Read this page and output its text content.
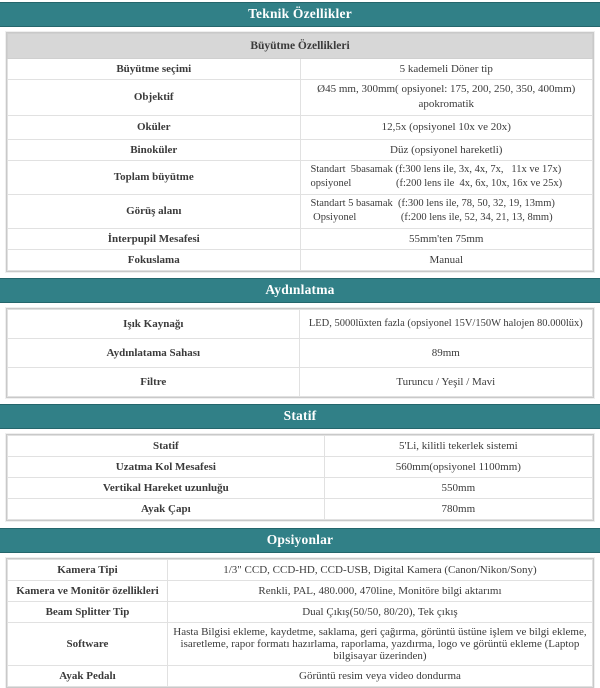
Teknik Özellikler
Büyütme Özellikleri	
Büyütme seçimi	5 kademeli Döner tip
Objektif	Ø45 mm, 300mm( opsiyonel: 175, 200, 250, 350, 400mm)
apokromatik

Oküler	12,5x (opsiyonel 10x ve 20x)
Binoküler	Düz (opsiyonel hareketli)
Toplam büyütme	Standart  5basamak (f:300 lens ile, 3x, 4x, 7x,   11x ve 17x)
opsiyonel                 (f:200 lens ile  4x, 6x, 10x, 16x ve 25x)

Görüş alanı	Standart 5 basamak  (f:300 lens ile, 78, 50, 32, 19, 13mm)
Opsiyonel                 (f:200 lens ile, 52, 34, 21, 13, 8mm)

İnterpupil Mesafesi	55mm'ten 75mm
Fokuslama	Manual
Aydınlatma
Işık Kaynağı	LED, 5000lüxten fazla (opsiyonel 15V/150W halojen 80.000lüx)
Aydınlatama Sahası	89mm
Filtre	Turuncu / Yeşil / Mavi
Statif
Statif	5'Li, kilitli tekerlek sistemi
Uzatma Kol Mesafesi	560mm(opsiyonel 1100mm)
Vertikal Hareket uzunluğu	550mm
Ayak Çapı	780mm
Opsiyonlar
Kamera Tipi	1/3" CCD, CCD-HD, CCD-USB, Digital Kamera (Canon/Nikon/Sony)
Kamera ve Monitör özellikleri	Renkli, PAL, 480.000, 470line, Monitöre bilgi aktarımı
Beam Splitter Tip	Dual Çıkış(50/50, 80/20), Tek çıkış
Software	Hasta Bilgisi ekleme, kaydetme, saklama, geri çağırma, görüntü üstüne işlem ve bilgi ekleme, isaretleme, rapor formatı hazırlama, raporlama, yazdırma, logo ve görüntü ekleme (Laptop bilgisayar üzerinden)
Ayak Pedalı	Görüntü resim veya video dondurma
